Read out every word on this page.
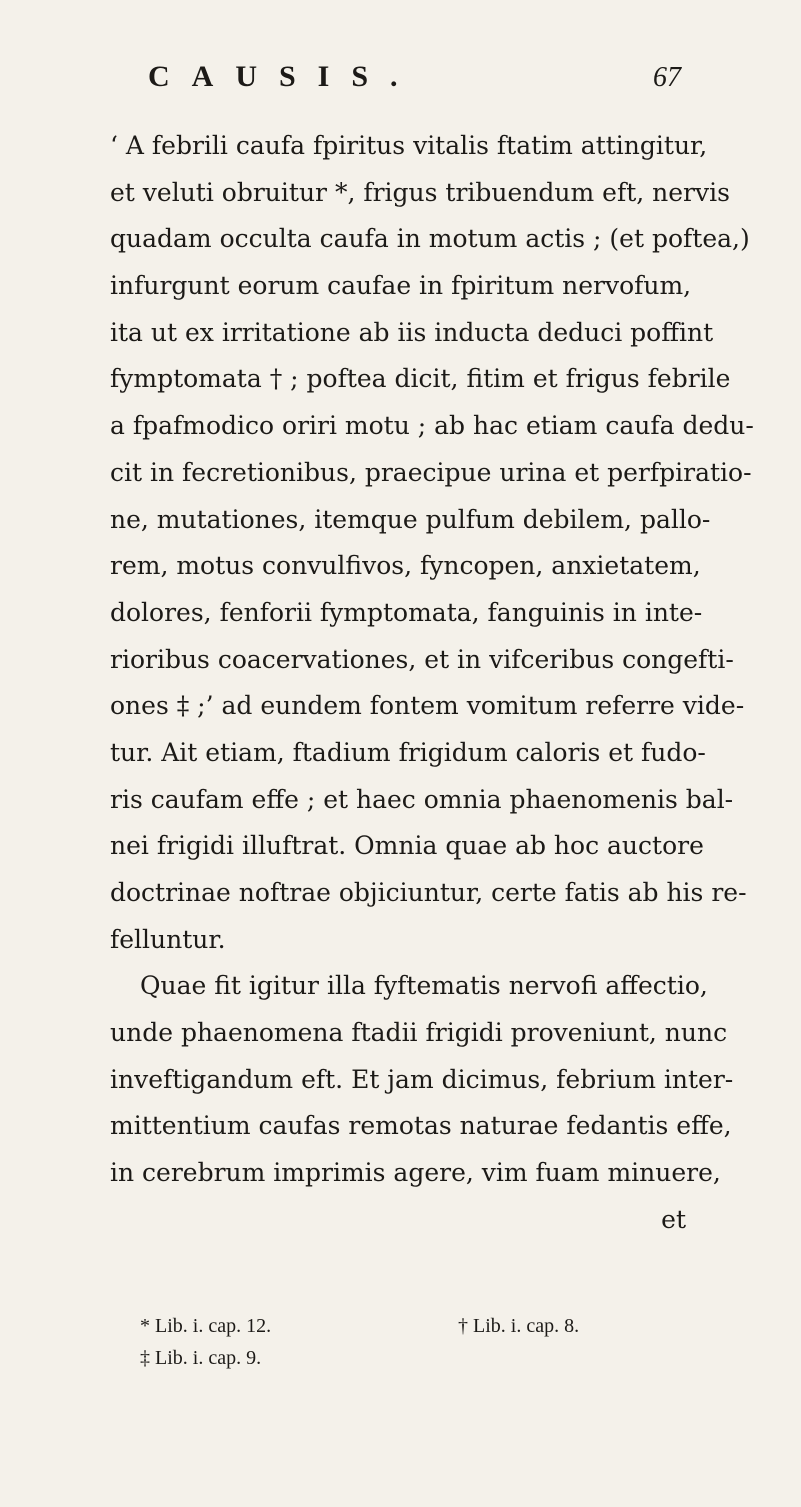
CAUSIS.	67
‘ A febrili caufa fpiritus vitalis ftatim attingitur,
et veluti obruitur *, frigus tribuendum eft, nervis
quadam occulta caufa in motum actis ; (et poftea,)
infurgunt eorum caufae in fpiritum nervofum,
ita ut ex irritatione ab iis inducta deduci poffint
fymptomata † ; poftea dicit, fitim et frigus febrile
a fpafmodico oriri motu ; ab hac etiam caufa dedu-
cit in fecretionibus, praecipue urina et perfpiratio-
ne, mutationes, itemque pulfum debilem, pallo-
rem, motus convulfivos, fyncopen, anxietatem,
dolores, fenforii fymptomata, fanguinis in inte-
rioribus coacervationes, et in vifceribus congefti-
ones ‡ ;’ ad eundem fontem vomitum referre vide-
tur. Ait etiam, ftadium frigidum caloris et fudo-
ris caufam effe ; et haec omnia phaenomenis bal-
nei frigidi illuftrat. Omnia quae ab hoc auctore
doctrinae noftrae objiciuntur, certe fatis ab his re-
felluntur.
Quae fit igitur illa fyftematis nervofi affectio,
unde phaenomena ftadii frigidi proveniunt, nunc
inveftigandum eft. Et jam dicimus, febrium inter-
mittentium caufas remotas naturae fedantis effe,
in cerebrum imprimis agere, vim fuam minuere,
et
* Lib. i. cap. 12.	† Lib. i. cap. 8.
‡ Lib. i. cap. 9.
